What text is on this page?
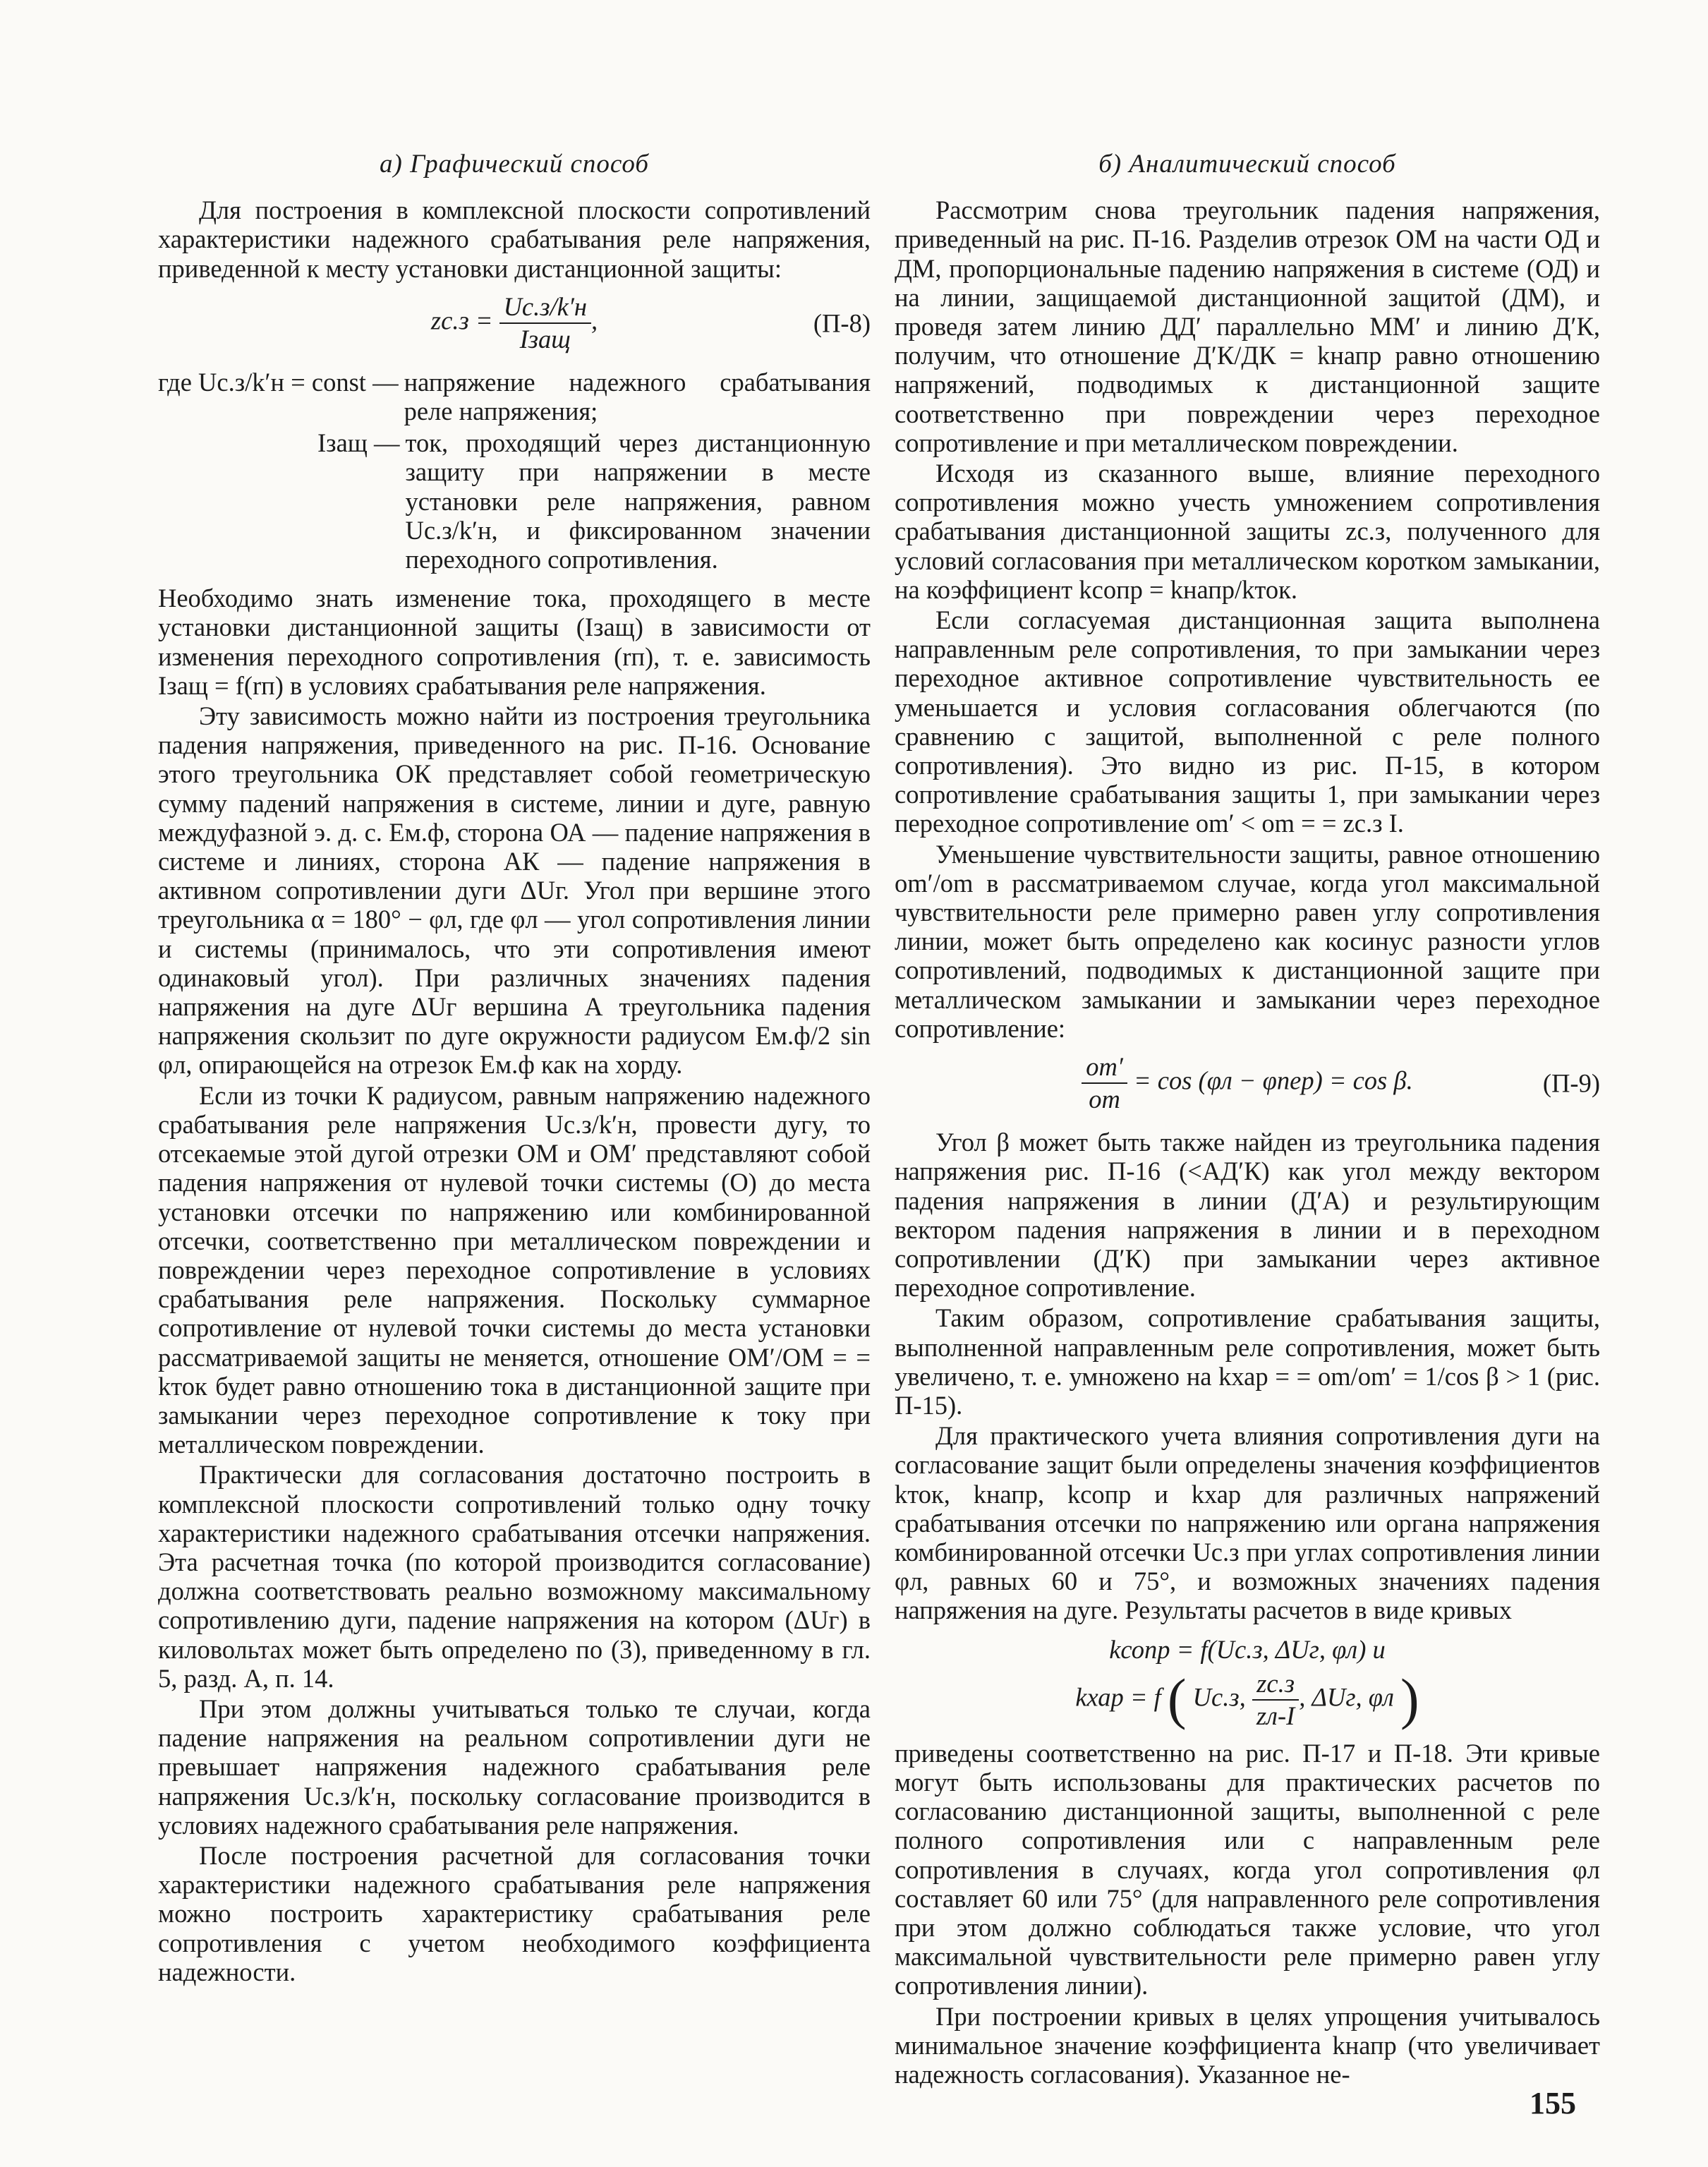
а) Графический способ

Для построения в комплексной плоскости сопротивлений характеристики надежного срабатывания реле напряжения, приведенной к месту установки дистанционной защиты:

$zс.з = \frac{Uс.з/k'н}{\text{Iзащ}}$ ,	(П-8)
где Uс.з/k′н = const — напряжение надежного срабатывания реле напряжения;
Iзащ — ток, проходящий через дистанционную защиту при напряжении в месте установки реле напряжения, равном Uс.з/k′н, и фиксированном значении переходного сопротивления.

Необходимо знать изменение тока, проходящего в месте установки дистанционной защиты (Iзащ) в зависимости от изменения переходного сопротивления (rп), т. е. зависимость Iзащ = f(rп) в условиях срабатывания реле напряжения.

Эту зависимость можно найти из построения треугольника падения напряжения, приведенного на рис. П-16. Основание этого треугольника ОК представляет собой геометрическую сумму падений напряжения в системе, линии и дуге, равную междуфазной э. д. с. Eм.ф, сторона ОА — падение напряжения в системе и линиях, сторона АК — падение напряжения в активном сопротивлении дуги ΔUг. Угол при вершине этого треугольника α = 180° − φл, где φл — угол сопротивления линии и системы (принималось, что эти сопротивления имеют одинаковый угол). При различных значениях падения напряжения на дуге ΔUг вершина А треугольника падения напряжения скользит по дуге окружности радиусом Eм.ф/2 sin φл, опирающейся на отрезок Eм.ф как на хорду.

Если из точки К радиусом, равным напряжению надежного срабатывания реле напряжения Uс.з/k′н, провести дугу, то отсекаемые этой дугой отрезки ОМ и ОМ′ представляют собой падения напряжения от нулевой точки системы (О) до места установки отсечки по напряжению или комбинированной отсечки, соответственно при металлическом повреждении и повреждении через переходное сопротивление в условиях срабатывания реле напряжения. Поскольку суммарное сопротивление от нулевой точки системы до места установки рассматриваемой защиты не меняется, отношение ОМ′/ОМ = = kток будет равно отношению тока в дистанционной защите при замыкании через переходное сопротивление к току при металлическом повреждении.

Практически для согласования достаточно построить в комплексной плоскости сопротивлений только одну точку характеристики надежного срабатывания отсечки напряжения. Эта расчетная точка (по которой производится согласование) должна соответствовать реально возможному максимальному сопротивлению дуги, падение напряжения на котором (ΔUг) в киловольтах может быть определено по (3), приведенному в гл. 5, разд. А, п. 14.

При этом должны учитываться только те случаи, когда падение напряжения на реальном сопротивлении дуги не превышает напряжения надежного срабатывания реле напряжения Uс.з/k′н, поскольку согласование производится в условиях надежного срабатывания реле напряжения.

После построения расчетной для согласования точки характеристики надежного срабатывания реле напряжения можно построить характеристику срабатывания реле сопротивления с учетом необходимого коэффициента надежности.

б) Аналитический способ

Рассмотрим снова треугольник падения напряжения, приведенный на рис. П-16. Разделив отрезок ОМ на части ОД и ДМ, пропорциональные падению напряжения в системе (ОД) и на линии, защищаемой дистанционной защитой (ДМ), и проведя затем линию ДД′ параллельно ММ′ и линию Д′К, получим, что отношение Д′К/ДК = kнапр равно отношению напряжений, подводимых к дистанционной защите соответственно при повреждении через переходное сопротивление и при металлическом повреждении.

Исходя из сказанного выше, влияние переходного сопротивления можно учесть умножением сопротивления срабатывания дистанционной защиты zс.з, полученного для условий согласования при металлическом коротком замыкании, на коэффициент kсопр = kнапр/kток.

Если согласуемая дистанционная защита выполнена направленным реле сопротивления, то при замыкании через переходное активное сопротивление чувствительность ее уменьшается и условия согласования облегчаются (по сравнению с защитой, выполненной с реле полного сопротивления). Это видно из рис. П-15, в котором сопротивление срабатывания защиты 1, при замыкании через переходное сопротивление om′ < om = = zс.з I.

Уменьшение чувствительности защиты, равное отношению om′/om в рассматриваемом случае, когда угол максимальной чувствительности реле примерно равен углу сопротивления линии, может быть определено как косинус разности углов сопротивлений, подводимых к дистанционной защите при металлическом замыкании и замыкании через переходное сопротивление:

$\frac{om'}{om} = \cos (\varphi л - \varphi пер) = \cos \beta$.	(П-9)

Угол β может быть также найден из треугольника падения напряжения рис. П-16 (<АД′К) как угол между вектором падения напряжения в линии (Д′А) и результирующим вектором падения напряжения в линии и в переходном сопротивлении (Д′К) при замыкании через активное переходное сопротивление.

Таким образом, сопротивление срабатывания защиты, выполненной направленным реле сопротивления, может быть увеличено, т. е. умножено на kхар = = om/om′ = 1/cos β > 1 (рис. П-15).

Для практического учета влияния сопротивления дуги на согласование защит были определены значения коэффициентов kток, kнапр, kсопр и kхар для различных напряжений срабатывания отсечки по напряжению или органа напряжения комбинированной отсечки Uс.з при углах сопротивления линии φл, равных 60 и 75°, и возможных значениях падения напряжения на дуге. Результаты расчетов в виде кривых

kсопр = f(Uс.з, ΔUг, φл) и
kхар = f ( Uс.з, $\frac{zс.з}{zл-I}$ , ΔUг, φл )

приведены соответственно на рис. П-17 и П-18. Эти кривые могут быть использованы для практических расчетов по согласованию дистанционной защиты, выполненной с реле полного сопротивления или с направленным реле сопротивления в случаях, когда угол сопротивления φл составляет 60 или 75° (для направленного реле сопротивления при этом должно соблюдаться также условие, что угол максимальной чувствительности реле примерно равен углу сопротивления линии).

При построении кривых в целях упрощения учитывалось минимальное значение коэффициента kнапр (что увеличивает надежность согласования). Указанное не-

155
